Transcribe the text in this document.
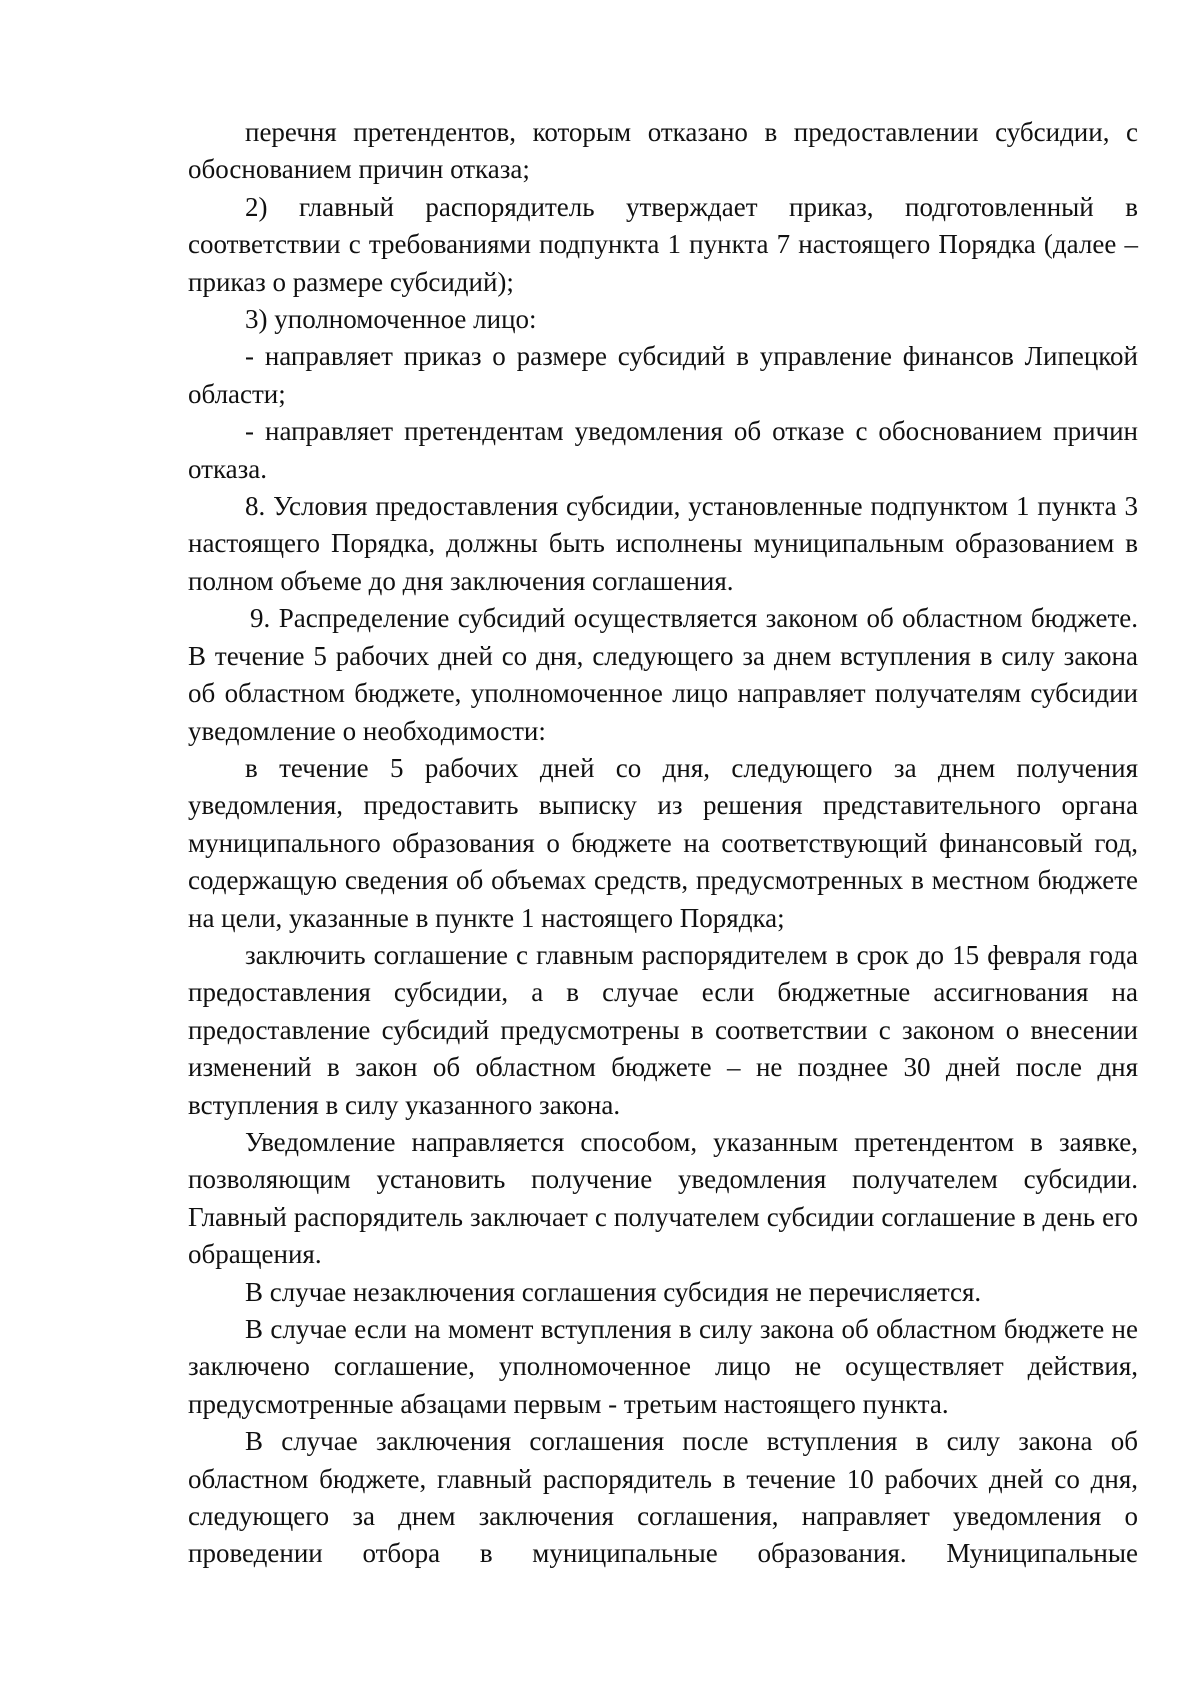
перечня претендентов, которым отказано в предоставлении субсидии, с обоснованием причин отказа;

2) главный распорядитель утверждает приказ, подготовленный в соответствии с требованиями подпункта 1 пункта 7 настоящего Порядка (далее – приказ о размере субсидий);

3) уполномоченное лицо:

- направляет приказ о размере субсидий в управление финансов Липецкой области;

- направляет претендентам уведомления об отказе с обоснованием причин отказа.

8. Условия предоставления субсидии, установленные подпунктом 1 пункта 3 настоящего Порядка, должны быть исполнены муниципальным образованием в полном объеме до дня заключения соглашения.

9. Распределение субсидий осуществляется законом об областном бюджете. В течение 5 рабочих дней со дня, следующего за днем вступления в силу закона об областном бюджете, уполномоченное лицо направляет получателям субсидии уведомление о необходимости:

в течение 5 рабочих дней со дня, следующего за днем получения уведомления, предоставить выписку из решения представительного органа муниципального образования о бюджете на соответствующий финансовый год, содержащую сведения об объемах средств, предусмотренных в местном бюджете на цели, указанные в пункте 1 настоящего Порядка;

заключить соглашение с главным распорядителем в срок до 15 февраля года предоставления субсидии, а в случае если бюджетные ассигнования на предоставление субсидий предусмотрены в соответствии с законом о внесении изменений в закон об областном бюджете – не позднее 30 дней после дня вступления в силу указанного закона.

Уведомление направляется способом, указанным претендентом в заявке, позволяющим установить получение уведомления получателем субсидии. Главный распорядитель заключает с получателем субсидии соглашение в день его обращения.

В случае незаключения соглашения субсидия не перечисляется.

В случае если на момент вступления в силу закона об областном бюджете не заключено соглашение, уполномоченное лицо не осуществляет действия, предусмотренные абзацами первым - третьим настоящего пункта.

В случае заключения соглашения после вступления в силу закона об областном бюджете, главный распорядитель в течение 10 рабочих дней со дня, следующего за днем заключения соглашения, направляет уведомления о проведении отбора в муниципальные образования. Муниципальные
